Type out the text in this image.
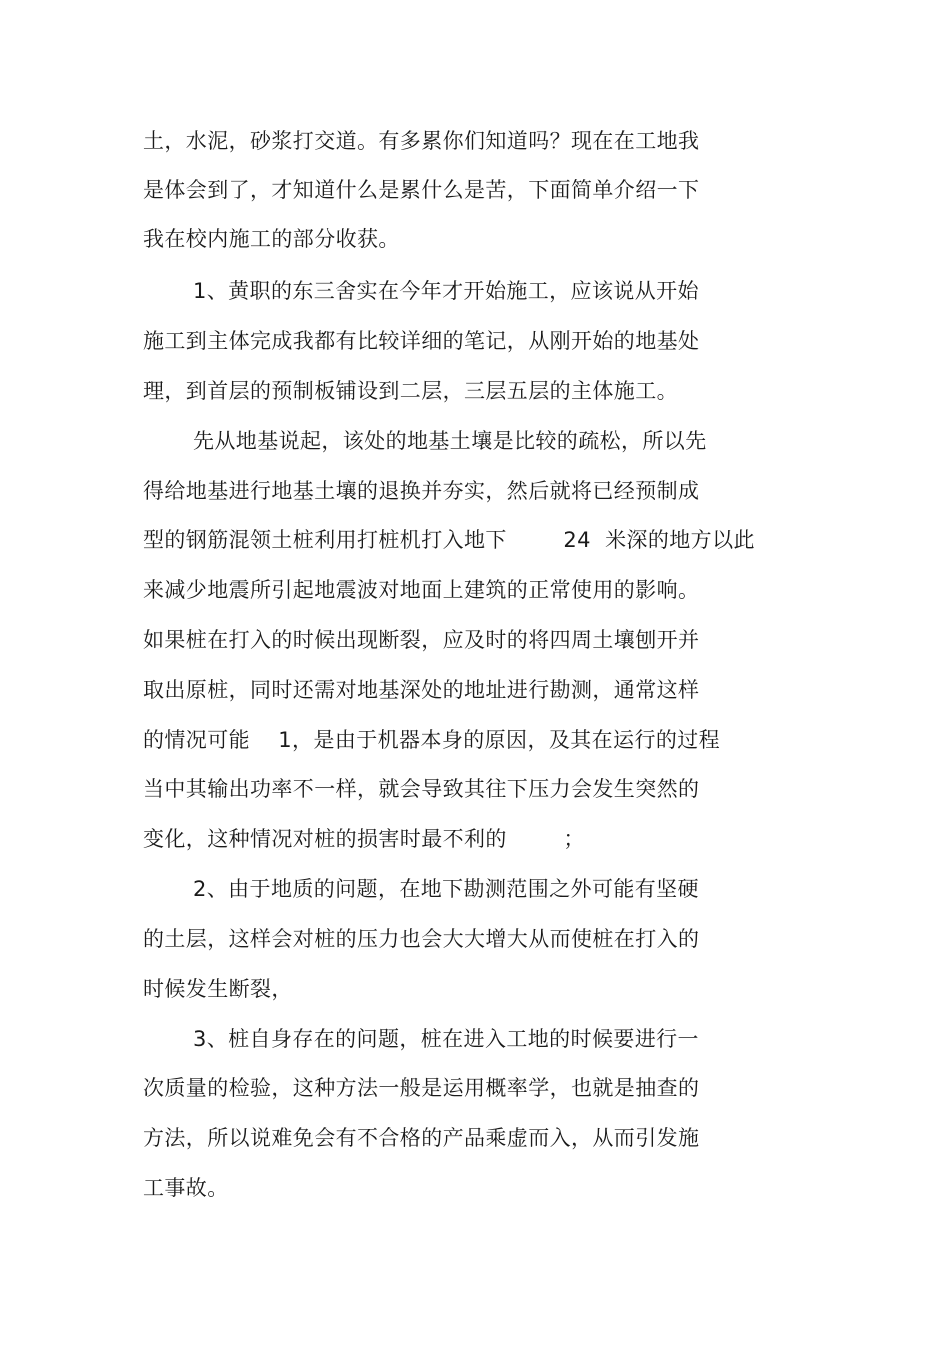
土，水泥，砂浆打交道。有多累你们知道吗？现在在工地我
是体会到了，才知道什么是累什么是苦，下面简单介绍一下
我在校内施工的部分收获。
1、黄职的东三舍实在今年才开始施工，应该说从开始
施工到主体完成我都有比较详细的笔记，从刚开始的地基处
理，到首层的预制板铺设到二层，三层五层的主体施工。
先从地基说起，该处的地基土壤是比较的疏松，所以先
得给地基进行地基土壤的退换并夯实，然后就将已经预制成
型的钢筋混领土桩利用打桩机打入地下        24  米深的地方以此
来减少地震所引起地震波对地面上建筑的正常使用的影响。
如果桩在打入的时候出现断裂，应及时的将四周土壤刨开并
取出原桩，同时还需对地基深处的地址进行勘测，通常这样
的情况可能    1，是由于机器本身的原因，及其在运行的过程
当中其输出功率不一样，就会导致其往下压力会发生突然的
变化，这种情况对桩的损害时最不利的        ；
2、由于地质的问题，在地下勘测范围之外可能有坚硬
的土层，这样会对桩的压力也会大大增大从而使桩在打入的
时候发生断裂，
3、桩自身存在的问题，桩在进入工地的时候要进行一
次质量的检验，这种方法一般是运用概率学，也就是抽查的
方法，所以说难免会有不合格的产品乘虚而入，从而引发施
工事故。
